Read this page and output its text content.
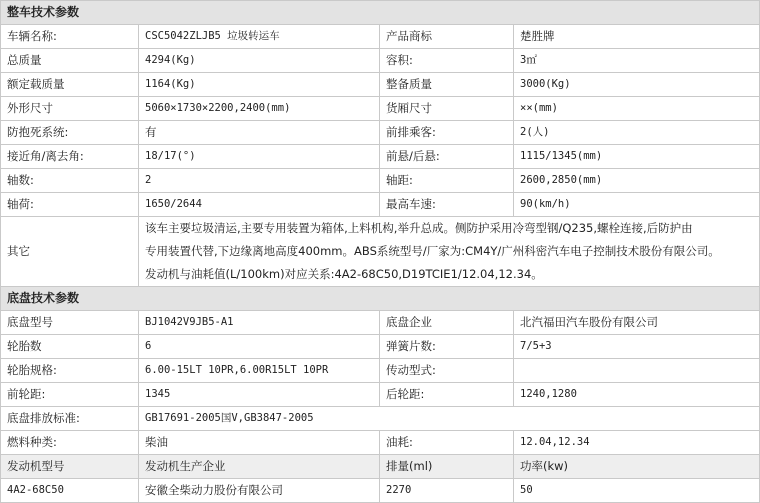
整车技术参数			
车辆名称:	CSC5042ZLJB5 垃圾转运车	产品商标	楚胜牌
总质量	4294(Kg)	容积:	3㎡
额定载质量	1164(Kg)	整备质量	3000(Kg)
外形尺寸	5060×1730×2200,2400(mm)	货厢尺寸	××(mm)
防抱死系统:	有	前排乘客:	2(人)
接近角/离去角:	18/17(°)	前悬/后悬:	1115/1345(mm)
轴数:	2	轴距:	2600,2850(mm)
轴荷:	1650/2644	最高车速:	90(km/h)
其它	该车主要垃圾清运,主要专用装置为箱体,上料机构,举升总成。侧防护采用冷弯型钢/Q235,螺栓连接,后防护由
专用装置代替,下边缘离地高度400mm。ABS系统型号/厂家为:CM4Y/广州科密汽车电子控制技术股份有限公司。
发动机与油耗值(L/100km)对应关系:4A2-68C50,D19TCIE1/12.04,12.34。		

底盘技术参数			
底盘型号	BJ1042V9JB5-A1	底盘企业	北汽福田汽车股份有限公司
轮胎数	6	弹簧片数:	7/5+3
轮胎规格:	6.00-15LT 10PR,6.00R15LT 10PR	传动型式:	
前轮距:	1345	后轮距:	1240,1280
底盘排放标准:	GB17691-2005国V,GB3847-2005		
燃料种类:	柴油	油耗:	12.04,12.34
发动机型号	发动机生产企业	排量(ml)	功率(kw)
4A2-68C50	安徽全柴动力股份有限公司	2270	50
